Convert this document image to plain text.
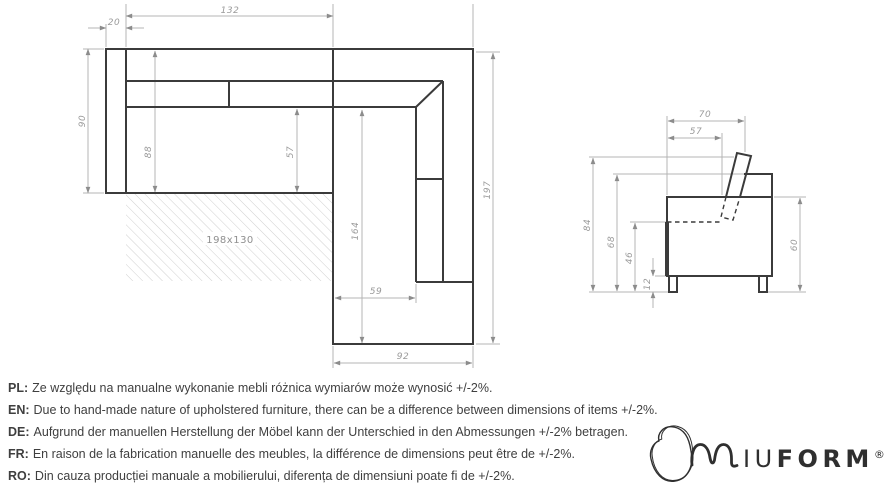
198x130
132
20
90
88	57
164
197
59
92
70
57
84
68
46
12
60
PL: Ze względu na manualne wykonanie mebli różnica wymiarów może wynosić +/-2%.
EN: Due to hand-made nature of upholstered furniture, there can be a difference between dimensions of items +/-2%.
DE: Aufgrund der manuellen Herstellung der Möbel kann der Unterschied in den Abmessungen +/-2% betragen.
FR: En raison de la fabrication manuelle des meubles, la différence de dimensions peut être de +/-2%.
RO: Din cauza producției manuale a mobilierului, diferența de dimensiuni poate fi de +/-2%.
IUFORM®
